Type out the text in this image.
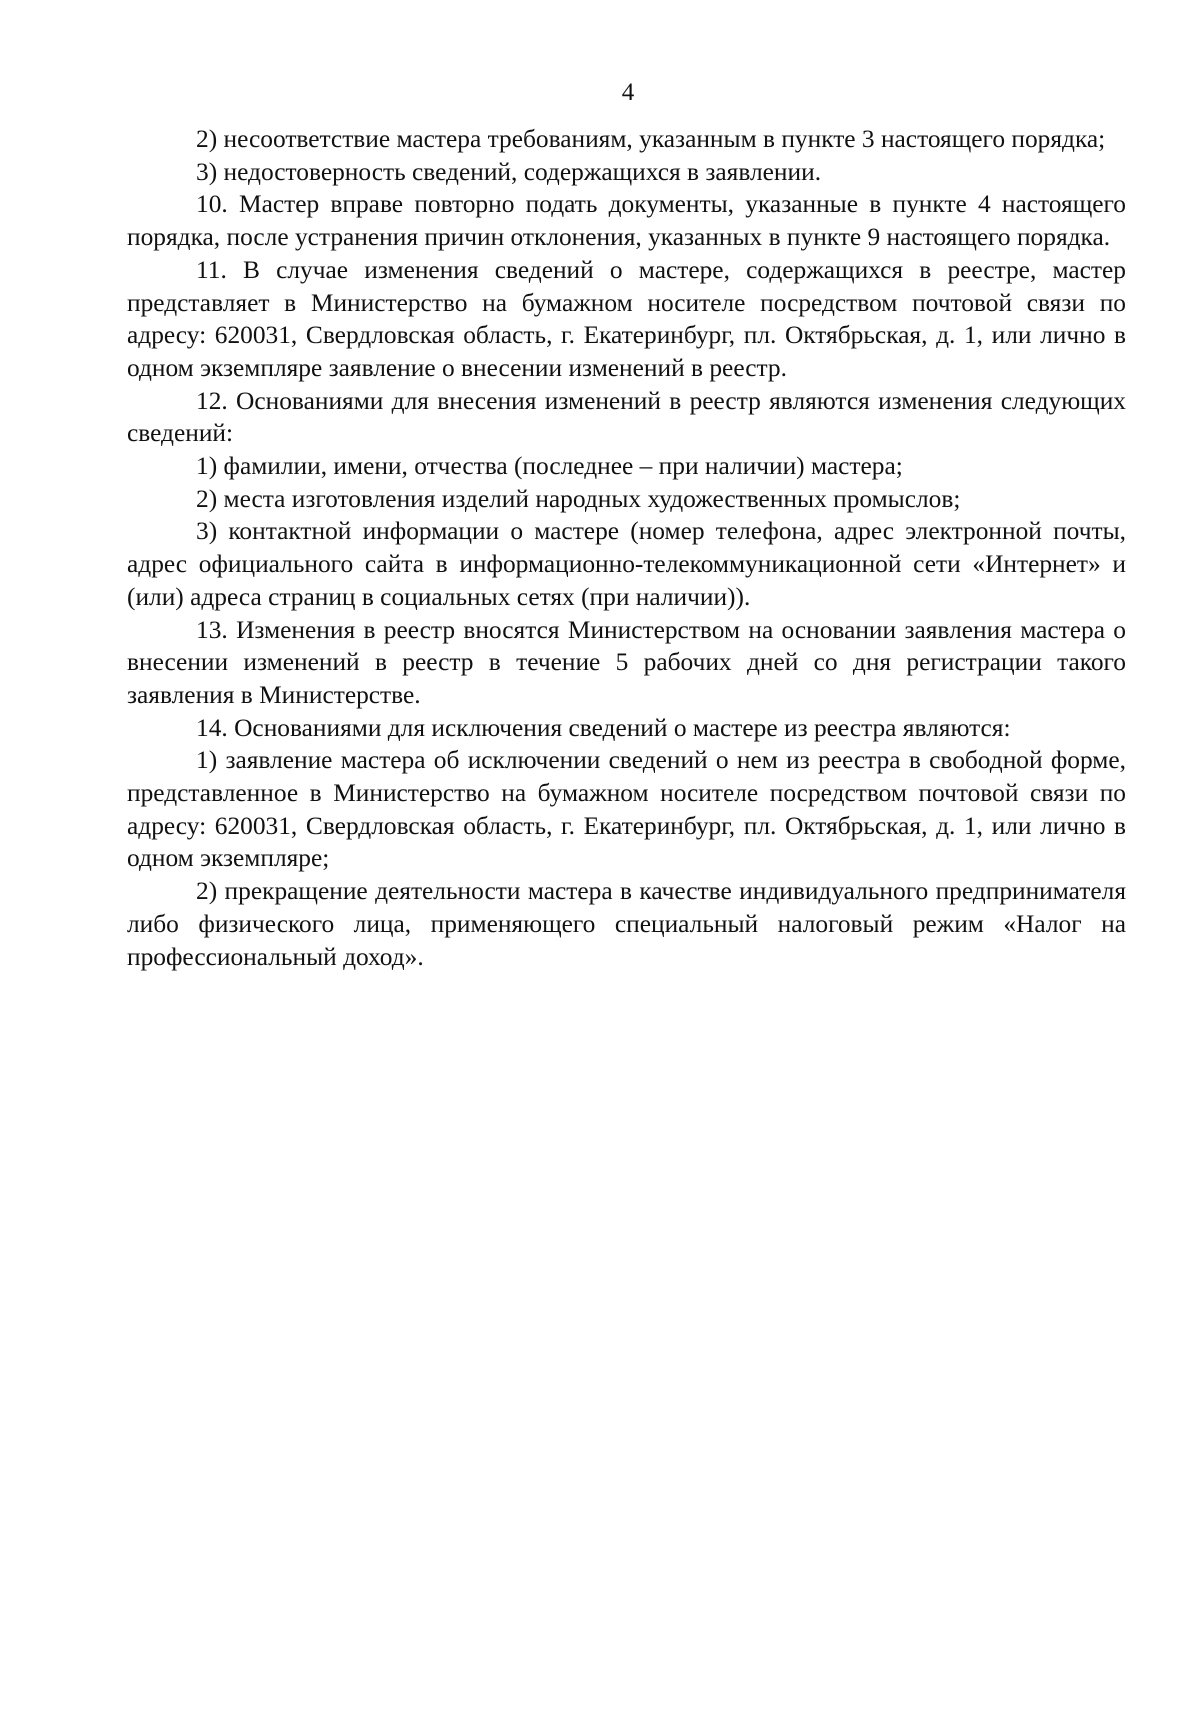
4

2) несоответствие мастера требованиям, указанным в пункте 3 настоящего порядка;

3) недостоверность сведений, содержащихся в заявлении.

10. Мастер вправе повторно подать документы, указанные в пункте 4 настоящего порядка, после устранения причин отклонения, указанных в пункте 9 настоящего порядка.

11. В случае изменения сведений о мастере, содержащихся в реестре, мастер представляет в Министерство на бумажном носителе посредством почтовой связи по адресу: 620031, Свердловская область, г. Екатеринбург, пл. Октябрьская, д. 1, или лично в одном экземпляре заявление о внесении изменений в реестр.

12. Основаниями для внесения изменений в реестр являются изменения следующих сведений:

1) фамилии, имени, отчества (последнее – при наличии) мастера;

2) места изготовления изделий народных художественных промыслов;

3) контактной информации о мастере (номер телефона, адрес электронной почты, адрес официального сайта в информационно-телекоммуникационной сети «Интернет» и (или) адреса страниц в социальных сетях (при наличии)).

13. Изменения в реестр вносятся Министерством на основании заявления мастера о внесении изменений в реестр в течение 5 рабочих дней со дня регистрации такого заявления в Министерстве.

14. Основаниями для исключения сведений о мастере из реестра являются:

1) заявление мастера об исключении сведений о нем из реестра в свободной форме, представленное в Министерство на бумажном носителе посредством почтовой связи по адресу: 620031, Свердловская область, г. Екатеринбург, пл. Октябрьская, д. 1, или лично в одном экземпляре;

2) прекращение деятельности мастера в качестве индивидуального предпринимателя либо физического лица, применяющего специальный налоговый режим «Налог на профессиональный доход».
